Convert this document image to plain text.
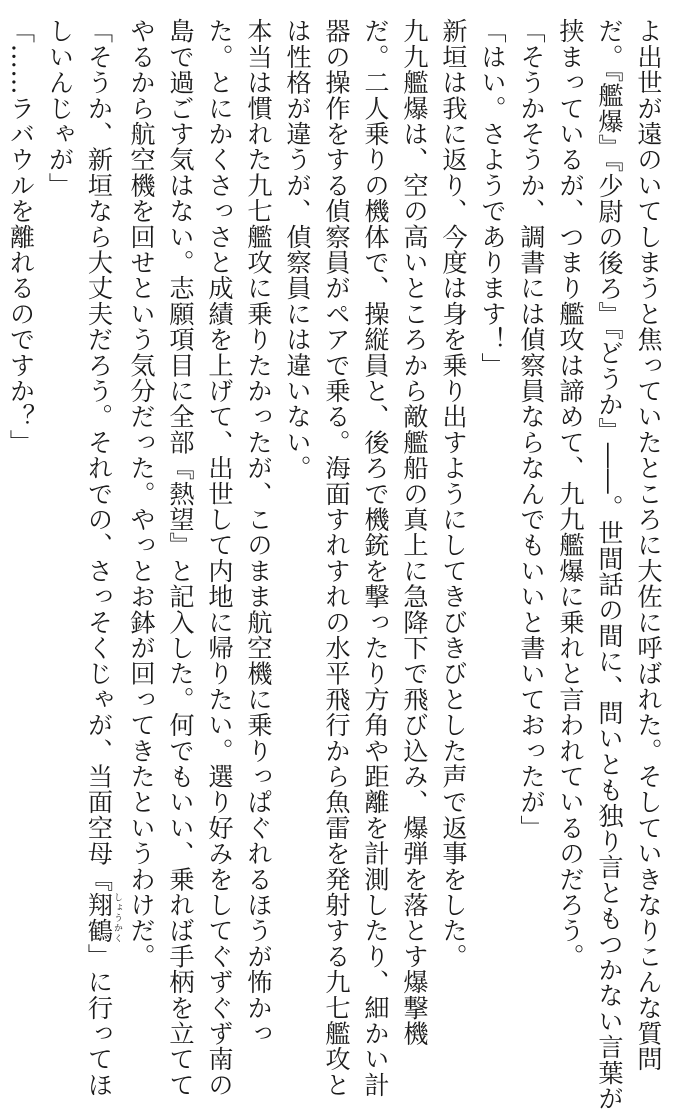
よ出世が遠のいてしまうと焦っていたところに大佐に呼ばれた。そしていきなりこんな質問
だ。『艦爆』『少尉の後ろ』『どうか』――。世間話の間に、問いとも独り言ともつかない言葉が
挟まっているが、つまり艦攻は諦めて、九九艦爆に乗れと言われているのだろう。
「そうかそうか、調書には偵察員ならなんでもいいと書いておったが」
「はい。さようであります！」
新垣は我に返り、今度は身を乗り出すようにしてきびきびとした声で返事をした。
九九艦爆は、空の高いところから敵艦船の真上に急降下で飛び込み、爆弾を落とす爆撃機
だ。二人乗りの機体で、操縦員と、後ろで機銃を撃ったり方角や距離を計測したり、細かい計
器の操作をする偵察員がペアで乗る。海面すれすれの水平飛行から魚雷を発射する九七艦攻と
は性格が違うが、偵察員には違いない。
本当は慣れた九七艦攻に乗りたかったが、このまま航空機に乗りっぱぐれるほうが怖かっ
た。とにかくさっさと成績を上げて、出世して内地に帰りたい。選り好みをしてぐずぐず南の
島で過ごす気はない。志願項目に全部『熱望』と記入した。何でもいい、乗れば手柄を立てて
やるから航空機を回せという気分だった。やっとお鉢が回ってきたというわけだ。
「そうか、新垣なら大丈夫だろう。それでの、さっそくじゃが、当面空母『翔鶴しょうかく」に行ってほ
しいんじゃが」
「……ラバウルを離れるのですか？」
